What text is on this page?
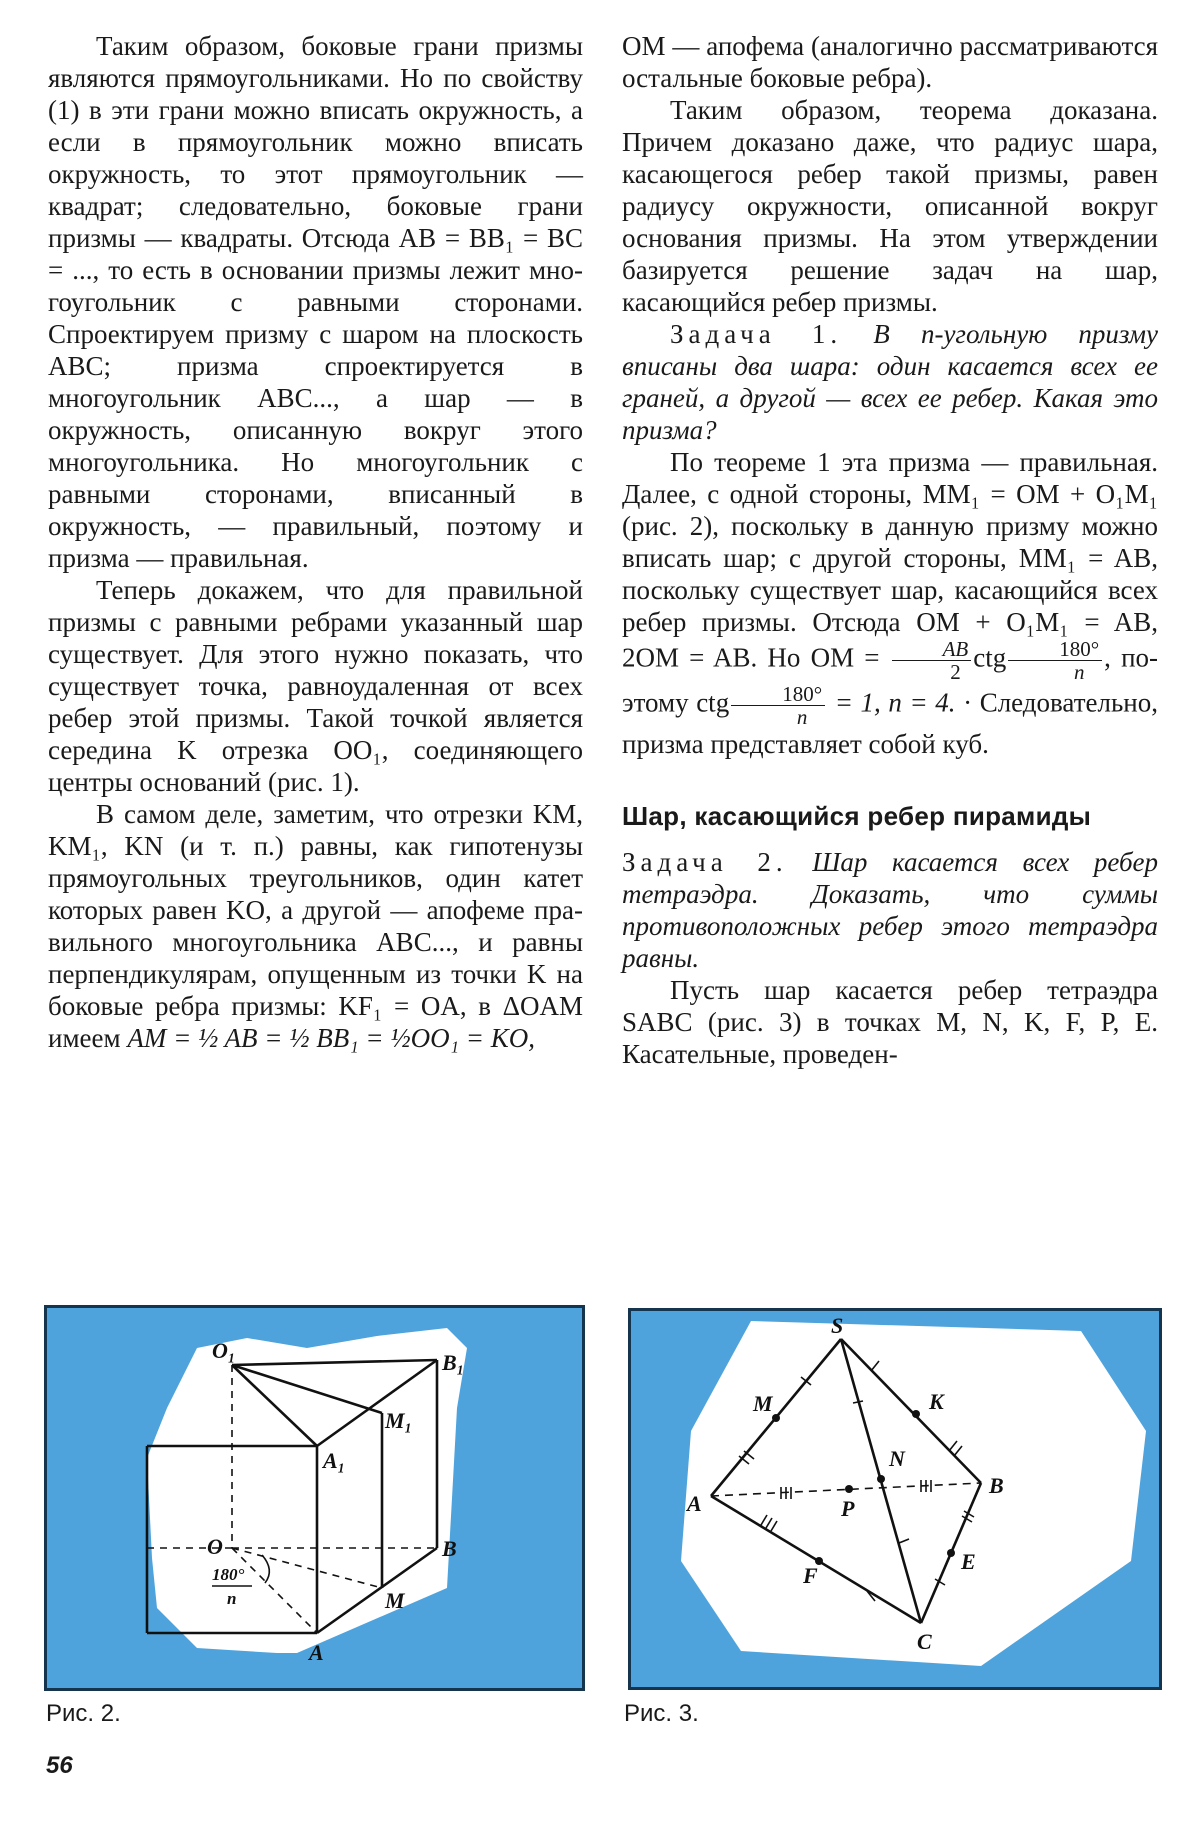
Таким образом, боковые грани призмы являются прямоугольниками. Но по свойству (1) в эти грани можно вписать окружность, а если в прямоугольник можно вписать окружность, то этот прямоугольник — квадрат; следовательно, боковые грани призмы — квадраты. Отсюда AB = BB₁ = BC = ..., то есть в основании призмы лежит многоугольник с равными сторонами. Спроектируем призму с шаром на плоскость ABC; призма спроектируется в многоугольник ABC..., а шар — в окружность, описанную вокруг этого многоугольника. Но многоугольник с равными сторонами, вписанный в окружность, — правильный, поэтому и призма — правильная.

Теперь докажем, что для правильной призмы с равными ребрами указанный шар существует. Для этого нужно показать, что существует точка, равноудаленная от всех ребер этой призмы. Такой точкой является середина K отрезка OO₁, соединяющего центры оснований (рис. 1).

В самом деле, заметим, что отрезки KM, KM₁, KN (и т. п.) равны, как гипотенузы прямоугольных треугольников, один катет которых равен KO, а другой — апофеме правильного многоугольника ABC..., и равны перпендикулярам, опущенным из точки K на боковые ребра призмы: KF₁ = OA, в ΔOAM имеем AM = ½ AB = ½ BB₁ = ½OO₁ = KO,

OM — апофема (аналогично рассматриваются остальные боковые ребра).

Таким образом, теорема доказана. Причем доказано даже, что радиус шара, касающегося ребер такой призмы, равен радиусу окружности, описанной вокруг основания призмы. На этом утверждении базируется решение задач на шар, касающийся ребер призмы.

Задача 1. В n-угольную призму вписаны два шара: один касается всех ее граней, а другой — всех ее ребер. Какая это призма?

По теореме 1 эта призма — правильная. Далее, с одной стороны, MM₁ = OM + O₁M₁ (рис. 2), поскольку в данную призму можно вписать шар; с другой стороны, MM₁ = AB, поскольку существует шар, касающийся всех ребер призмы. Отсюда OM + O₁M₁ = AB, 2OM = AB. Но OM = $\frac{AB}{2}$ ctg $\frac{180^\circ}{n}$ , поэтому ctg $\frac{180^\circ}{n} = 1$, n = 4. · Следовательно, призма представляет собой куб.

Шар, касающийся ребер пирамиды

Задача 2. Шар касается всех ребер тетраэдра. Доказать, что суммы противоположных ребер этого тетраэдра равны.

Пусть шар касается ребер тетраэдра SABC (рис. 3) в точках M, N, K, F, P, E. Касательные, проведен-

O₁	B₁
M₁
A₁
O	B
M
A
180°
n
S
M	K
N
A
B
P
E
F
C
Рис. 2.	Рис. 3.
56
